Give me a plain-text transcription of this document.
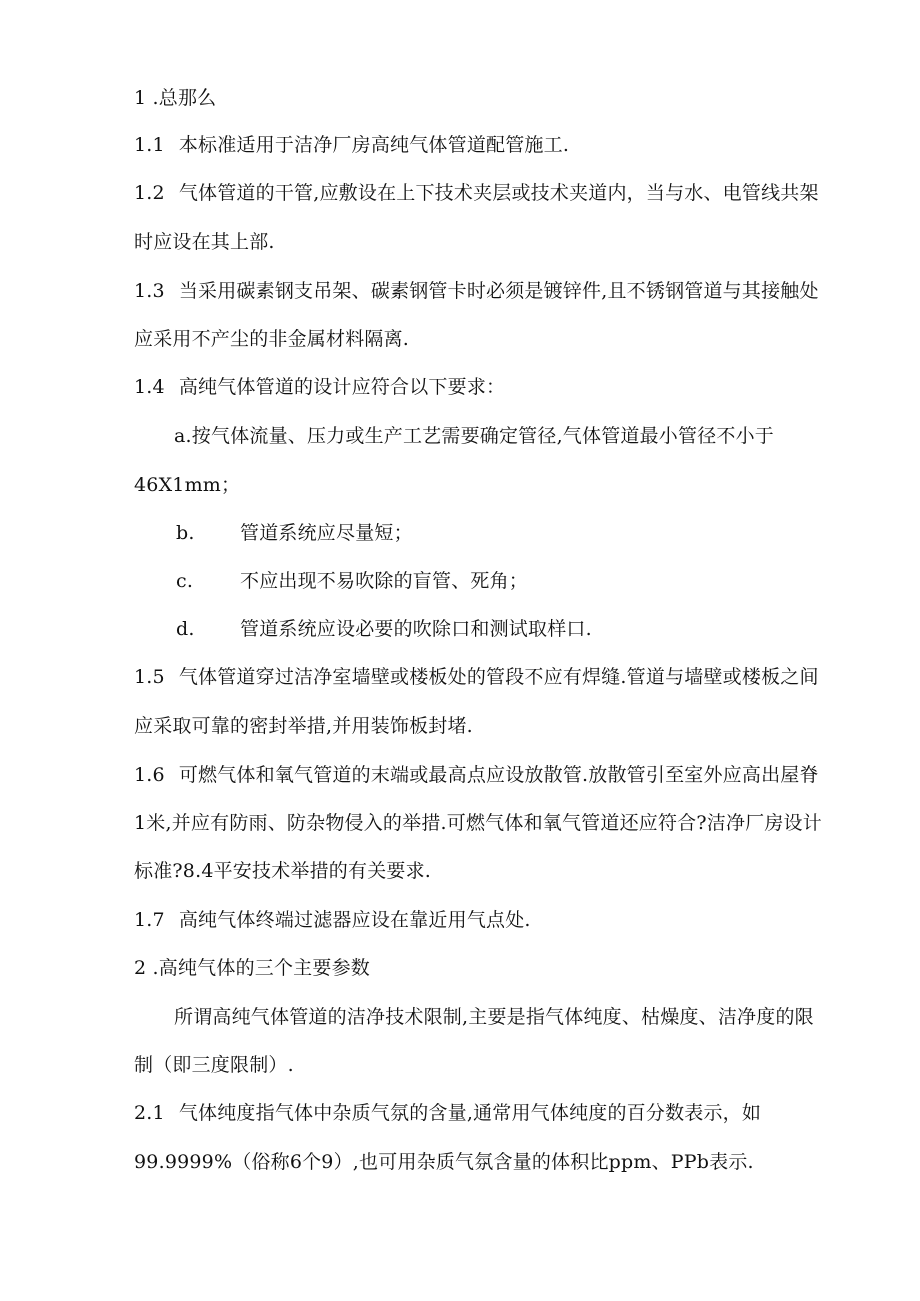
1 .总那么
1.1 本标准适用于洁净厂房高纯气体管道配管施工.
1.2 气体管道的干管,应敷设在上下技术夹层或技术夹道内，当与水、电管线共架
时应设在其上部.
1.3 当采用碳素钢支吊架、碳素钢管卡时必须是镀锌件,且不锈钢管道与其接触处
应采用不产尘的非金属材料隔离.
1.4 高纯气体管道的设计应符合以下要求：
a.按气体流量、压力或生产工艺需要确定管径,气体管道最小管径不小于
46X1mm；
b. 管道系统应尽量短；
c. 不应出现不易吹除的盲管、死角；
d. 管道系统应设必要的吹除口和测试取样口.
1.5 气体管道穿过洁净室墙壁或楼板处的管段不应有焊缝.管道与墙壁或楼板之间
应采取可靠的密封举措,并用装饰板封堵.
1.6 可燃气体和氧气管道的末端或最高点应设放散管.放散管引至室外应高出屋脊
1米,并应有防雨、防杂物侵入的举措.可燃气体和氧气管道还应符合?洁净厂房设计
标准?8.4平安技术举措的有关要求.
1.7 高纯气体终端过滤器应设在靠近用气点处.
2 .高纯气体的三个主要参数
所谓高纯气体管道的洁净技术限制,主要是指气体纯度、枯燥度、洁净度的限
制（即三度限制）.
2.1 气体纯度指气体中杂质气氛的含量,通常用气体纯度的百分数表示，如
99.9999%（俗称6个9）,也可用杂质气氛含量的体积比ppm、PPb表示.
